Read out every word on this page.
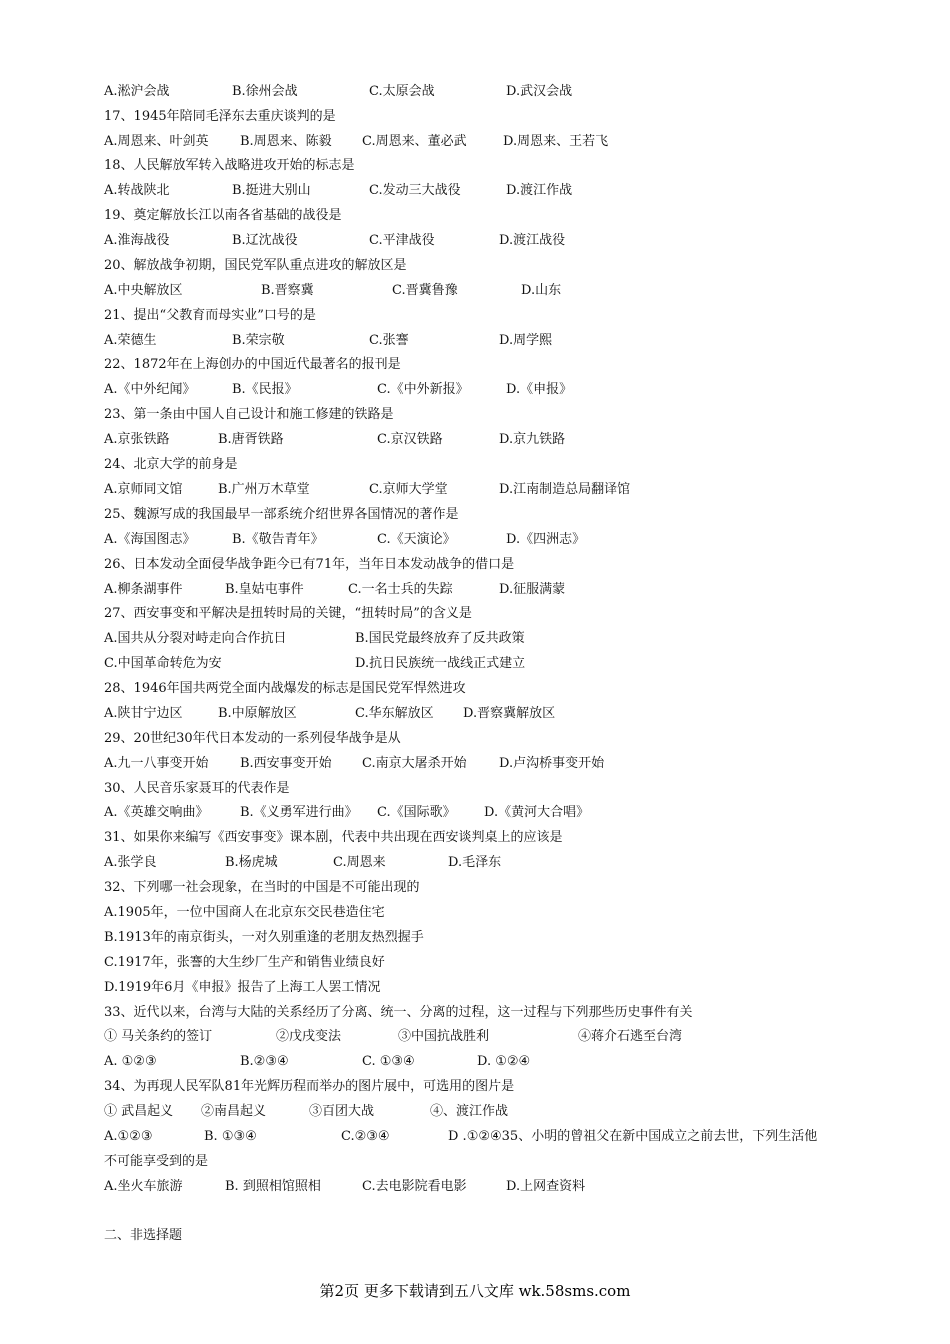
A.淞沪会战	B.徐州会战	C.太原会战	D.武汉会战
17、1945年陪同毛泽东去重庆谈判的是
A.周恩来、叶剑英 B.周恩来、陈毅 C.周恩来、董必武	D.周恩来、王若飞
18、人民解放军转入战略进攻开始的标志是
A.转战陕北	B.挺进大别山	C.发动三大战役	D.渡江作战
19、奠定解放长江以南各省基础的战役是
A.淮海战役	B.辽沈战役	C.平津战役	D.渡江战役
20、解放战争初期，国民党军队重点进攻的解放区是
A.中央解放区	B.晋察冀	C.晋冀鲁豫	D.山东
21、提出“父教育而母实业”口号的是
A.荣德生	B.荣宗敬	C.张謇	D.周学熙
22、1872年在上海创办的中国近代最著名的报刊是
A.《中外纪闻》	B.《民报》	C.《中外新报》	D.《申报》
23、第一条由中国人自己设计和施工修建的铁路是
A.京张铁路	B.唐胥铁路	C.京汉铁路	D.京九铁路
24、北京大学的前身是
A.京师同文馆	B.广州万木草堂	C.京师大学堂	D.江南制造总局翻译馆
25、魏源写成的我国最早一部系统介绍世界各国情况的著作是
A.《海国图志》	B.《敬告青年》	C.《天演论》	D.《四洲志》
26、日本发动全面侵华战争距今已有71年，当年日本发动战争的借口是
A.柳条湖事件	B.皇姑屯事件	C.一名士兵的失踪	D.征服满蒙
27、西安事变和平解决是扭转时局的关键，“扭转时局”的含义是
A.国共从分裂对峙走向合作抗日	B.国民党最终放弃了反共政策
C.中国革命转危为安	D.抗日民族统一战线正式建立
28、1946年国共两党全面内战爆发的标志是国民党军悍然进攻
A.陕甘宁边区	B.中原解放区	C.华东解放区 D.晋察冀解放区
29、20世纪30年代日本发动的一系列侵华战争是从
A.九一八事变开始 B.西安事变开始 C.南京大屠杀开始 D.卢沟桥事变开始
30、人民音乐家聂耳的代表作是
A.《英雄交响曲》 B.《义勇军进行曲》 C.《国际歌》 D.《黄河大合唱》
31、如果你来编写《西安事变》课本剧，代表中共出现在西安谈判桌上的应该是
A.张学良	B.杨虎城	C.周恩来	D.毛泽东
32、下列哪一社会现象，在当时的中国是不可能出现的
A.1905年，一位中国商人在北京东交民巷造住宅
B.1913年的南京街头，一对久别重逢的老朋友热烈握手
C.1917年，张謇的大生纱厂生产和销售业绩良好
D.1919年6月《申报》报告了上海工人罢工情况
33、近代以来，台湾与大陆的关系经历了分离、统一、分离的过程，这一过程与下列那些历史事件有关
① 马关条约的签订	②戊戌变法	③中国抗战胜利	④蒋介石逃至台湾
A. ①②③	B.②③④	C. ①③④	D. ①②④
34、为再现人民军队81年光辉历程而举办的图片展中，可选用的图片是
① 武昌起义 ②南昌起义	③百团大战	④、渡江作战
A.①②③	B. ①③④	C.②③④	D .①②④35、小明的曾祖父在新中国成立之前去世，下列生活他
不可能享受到的是
A.坐火车旅游	B. 到照相馆照相	C.去电影院看电影	D.上网查资料
二、非选择题
第2页 更多下载请到五八文库 wk.58sms.com
